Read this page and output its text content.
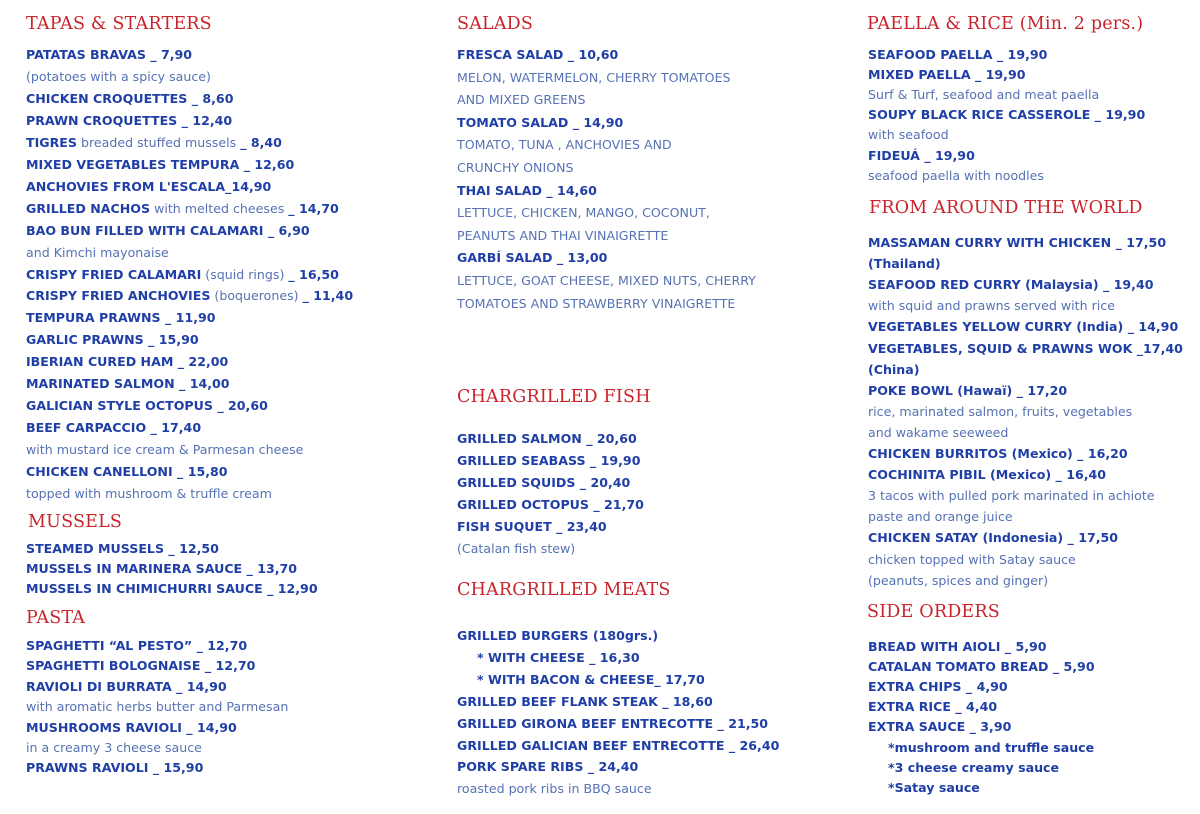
TAPAS & STARTERS
MUSSELS
PASTA
SALADS
CHARGRILLED FISH
CHARGRILLED MEATS
PAELLA & RICE (Min. 2 pers.)
FROM AROUND THE WORLD
SIDE ORDERS
PATATAS BRAVAS _ 7,90
(potatoes with a spicy sauce)
CHICKEN CROQUETTES _ 8,60
PRAWN CROQUETTES _ 12,40
TIGRES breaded stuffed mussels _ 8,40
MIXED VEGETABLES TEMPURA _ 12,60
ANCHOVIES FROM L'ESCALA_14,90
GRILLED NACHOS with melted cheeses _ 14,70
BAO BUN FILLED WITH CALAMARI _ 6,90
and Kimchi mayonaise
CRISPY FRIED CALAMARI (squid rings) _ 16,50
CRISPY FRIED ANCHOVIES (boquerones) _ 11,40
TEMPURA PRAWNS _ 11,90
GARLIC PRAWNS _ 15,90
IBERIAN CURED HAM _ 22,00
MARINATED SALMON _ 14,00
GALICIAN STYLE OCTOPUS _ 20,60
BEEF CARPACCIO _ 17,40
with mustard ice cream & Parmesan cheese
CHICKEN CANELLONI _ 15,80
topped with mushroom & truffle cream
STEAMED MUSSELS _ 12,50
MUSSELS IN MARINERA SAUCE _ 13,70
MUSSELS IN CHIMICHURRI SAUCE _ 12,90
SPAGHETTI “AL PESTO” _ 12,70
SPAGHETTI BOLOGNAISE _ 12,70
RAVIOLI DI BURRATA _ 14,90
with aromatic herbs butter and Parmesan
MUSHROOMS RAVIOLI _ 14,90
in a creamy 3 cheese sauce
PRAWNS RAVIOLI _ 15,90
FRESCA SALAD _ 10,60
MELON, WATERMELON, CHERRY TOMATOES
AND MIXED GREENS
TOMATO SALAD _ 14,90
TOMATO, TUNA , ANCHOVIES AND
CRUNCHY ONIONS
THAI SALAD _ 14,60
LETTUCE, CHICKEN, MANGO, COCONUT,
PEANUTS AND THAI VINAIGRETTE
GARBÍ SALAD _ 13,00
LETTUCE, GOAT CHEESE, MIXED NUTS, CHERRY
TOMATOES AND STRAWBERRY VINAIGRETTE
GRILLED SALMON _ 20,60
GRILLED SEABASS _ 19,90
GRILLED SQUIDS _ 20,40
GRILLED OCTOPUS _ 21,70
FISH SUQUET _ 23,40
(Catalan fish stew)
GRILLED BURGERS (180grs.)
* WITH CHEESE _ 16,30
* WITH BACON & CHEESE_ 17,70
GRILLED BEEF FLANK STEAK _ 18,60
GRILLED GIRONA BEEF ENTRECOTTE _ 21,50
GRILLED GALICIAN BEEF ENTRECOTTE _ 26,40
PORK SPARE RIBS _ 24,40
roasted pork ribs in BBQ sauce
SEAFOOD PAELLA _ 19,90
MIXED PAELLA _ 19,90
Surf & Turf, seafood and meat paella
SOUPY BLACK RICE CASSEROLE _ 19,90
with seafood
FIDEUÁ _ 19,90
seafood paella with noodles
MASSAMAN CURRY WITH CHICKEN _ 17,50
(Thailand)
SEAFOOD RED CURRY (Malaysia) _ 19,40
with squid and prawns served with rice
VEGETABLES YELLOW CURRY (India) _ 14,90
VEGETABLES, SQUID & PRAWNS WOK _17,40
(China)
POKE BOWL (Hawaï) _ 17,20
rice, marinated salmon, fruits, vegetables
and wakame seeweed
CHICKEN BURRITOS (Mexico) _ 16,20
COCHINITA PIBIL (Mexico) _ 16,40
3 tacos with pulled pork marinated in achiote
paste and orange juice
CHICKEN SATAY (Indonesia) _ 17,50
chicken topped with Satay sauce
(peanuts, spices and ginger)
BREAD WITH AIOLI _ 5,90
CATALAN TOMATO BREAD _ 5,90
EXTRA CHIPS _ 4,90
EXTRA RICE _ 4,40
EXTRA SAUCE _ 3,90
*mushroom and truffle sauce
*3 cheese creamy sauce
*Satay sauce
